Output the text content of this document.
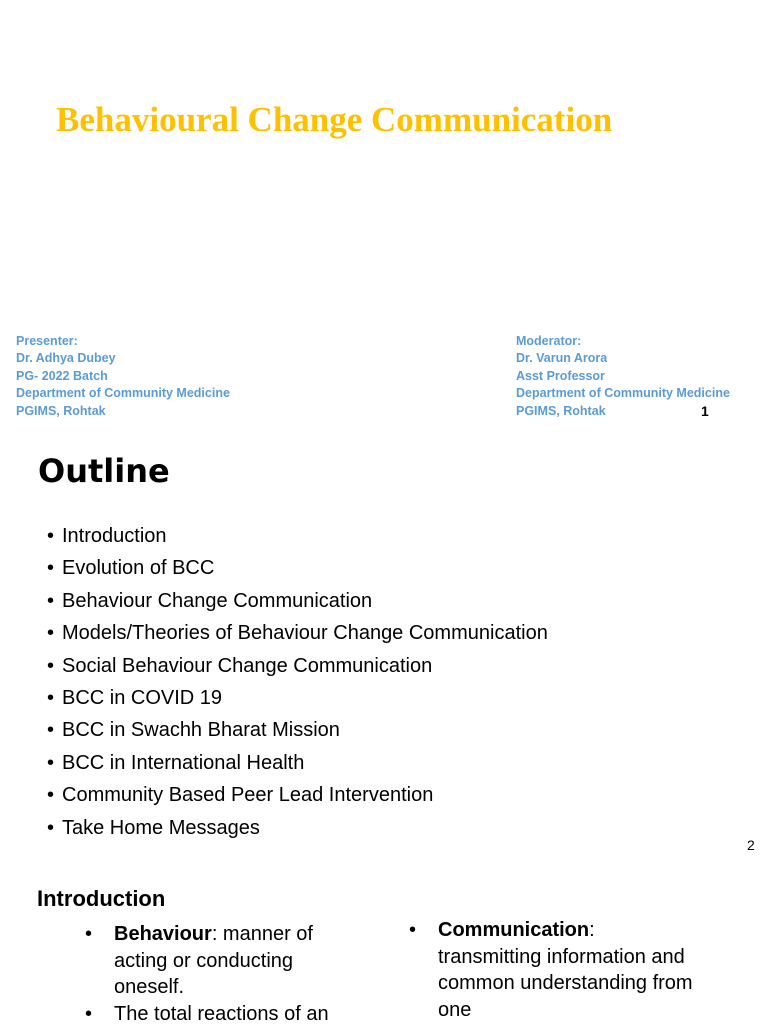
Behavioural Change Communication
Presenter:
Dr. Adhya Dubey
PG- 2022 Batch
Department of Community Medicine
PGIMS, Rohtak
Moderator:
Dr. Varun Arora
Asst Professor
Department of Community Medicine
PGIMS, Rohtak	1
Outline
• Introduction
• Evolution of BCC
• Behaviour Change Communication
• Models/Theories of Behaviour Change Communication
• Social Behaviour Change Communication
• BCC in COVID 19
• BCC in Swachh Bharat Mission
• BCC in International Health
• Community Based Peer Lead Intervention
• Take Home Messages
2
Introduction
• Behaviour: manner of acting or conducting oneself.
• The total reactions of an
• Communication: transmitting information and common understanding from one
